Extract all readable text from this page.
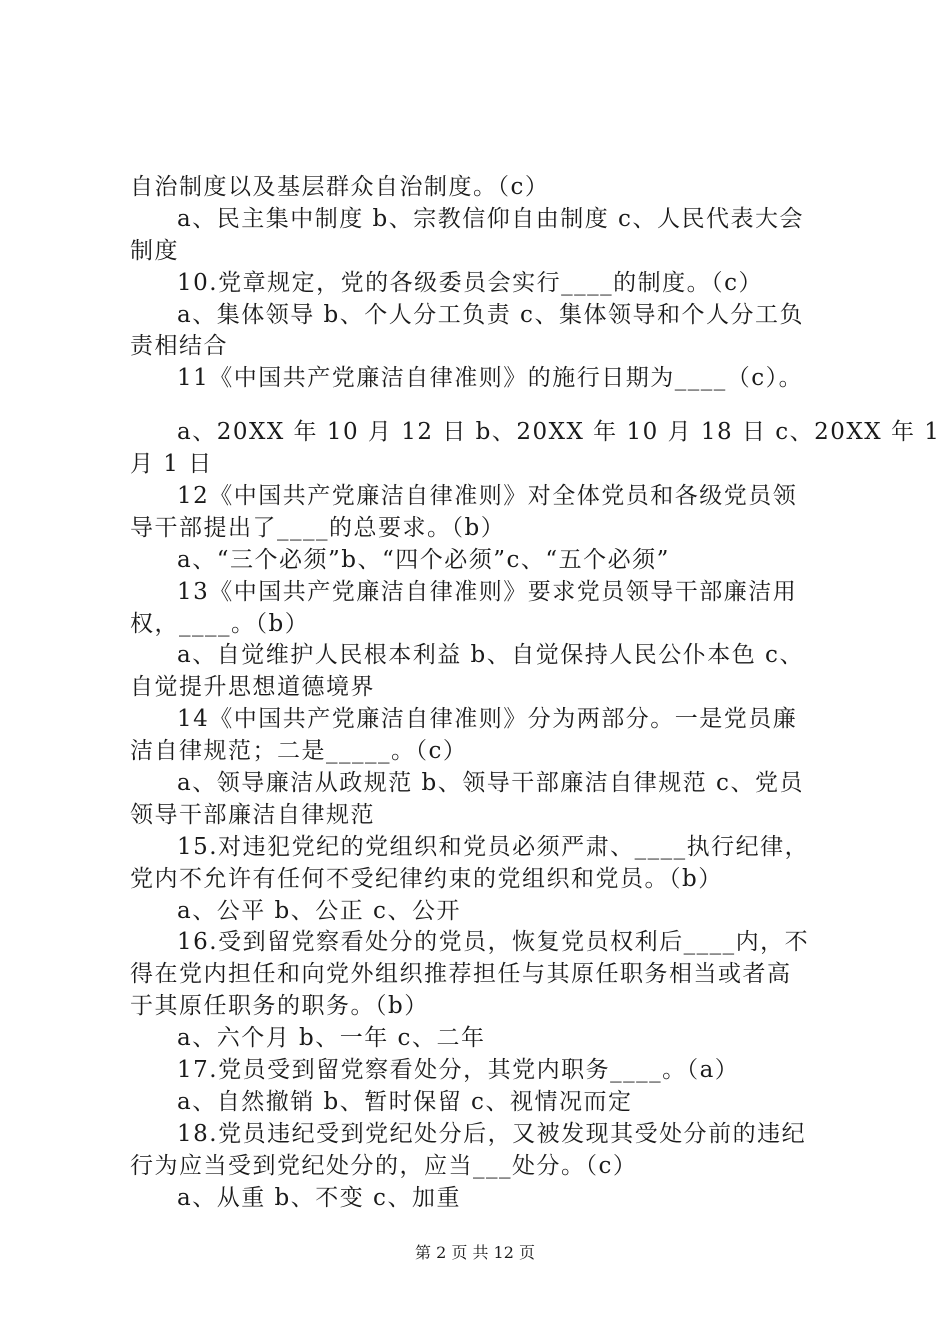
自治制度以及基层群众自治制度。（c）
a、民主集中制度 b、宗教信仰自由制度 c、人民代表大会
制度
10.党章规定，党的各级委员会实行____的制度。（c）
a、集体领导 b、个人分工负责 c、集体领导和个人分工负
责相结合
11《中国共产党廉洁自律准则》的施行日期为____（c）。
a、20XX 年 10 月 12 日 b、20XX 年 10 月 18 日 c、20XX 年 1
月 1 日
12《中国共产党廉洁自律准则》对全体党员和各级党员领
导干部提出了____的总要求。（b）
a、“三个必须”b、“四个必须”c、“五个必须”
13《中国共产党廉洁自律准则》要求党员领导干部廉洁用
权，____。（b）
a、自觉维护人民根本利益 b、自觉保持人民公仆本色 c、
自觉提升思想道德境界
14《中国共产党廉洁自律准则》分为两部分。一是党员廉
洁自律规范；二是_____。（c）
a、领导廉洁从政规范 b、领导干部廉洁自律规范 c、党员
领导干部廉洁自律规范
15.对违犯党纪的党组织和党员必须严肃、____执行纪律，
党内不允许有任何不受纪律约束的党组织和党员。（b）
a、公平 b、公正 c、公开
16.受到留党察看处分的党员，恢复党员权利后____内，不
得在党内担任和向党外组织推荐担任与其原任职务相当或者高
于其原任职务的职务。（b）
a、六个月 b、一年 c、二年
17.党员受到留党察看处分，其党内职务____。（a）
a、自然撤销 b、暂时保留 c、视情况而定
18.党员违纪受到党纪处分后，又被发现其受处分前的违纪
行为应当受到党纪处分的，应当___处分。（c）
a、从重 b、不变 c、加重
第 2 页 共 12 页
